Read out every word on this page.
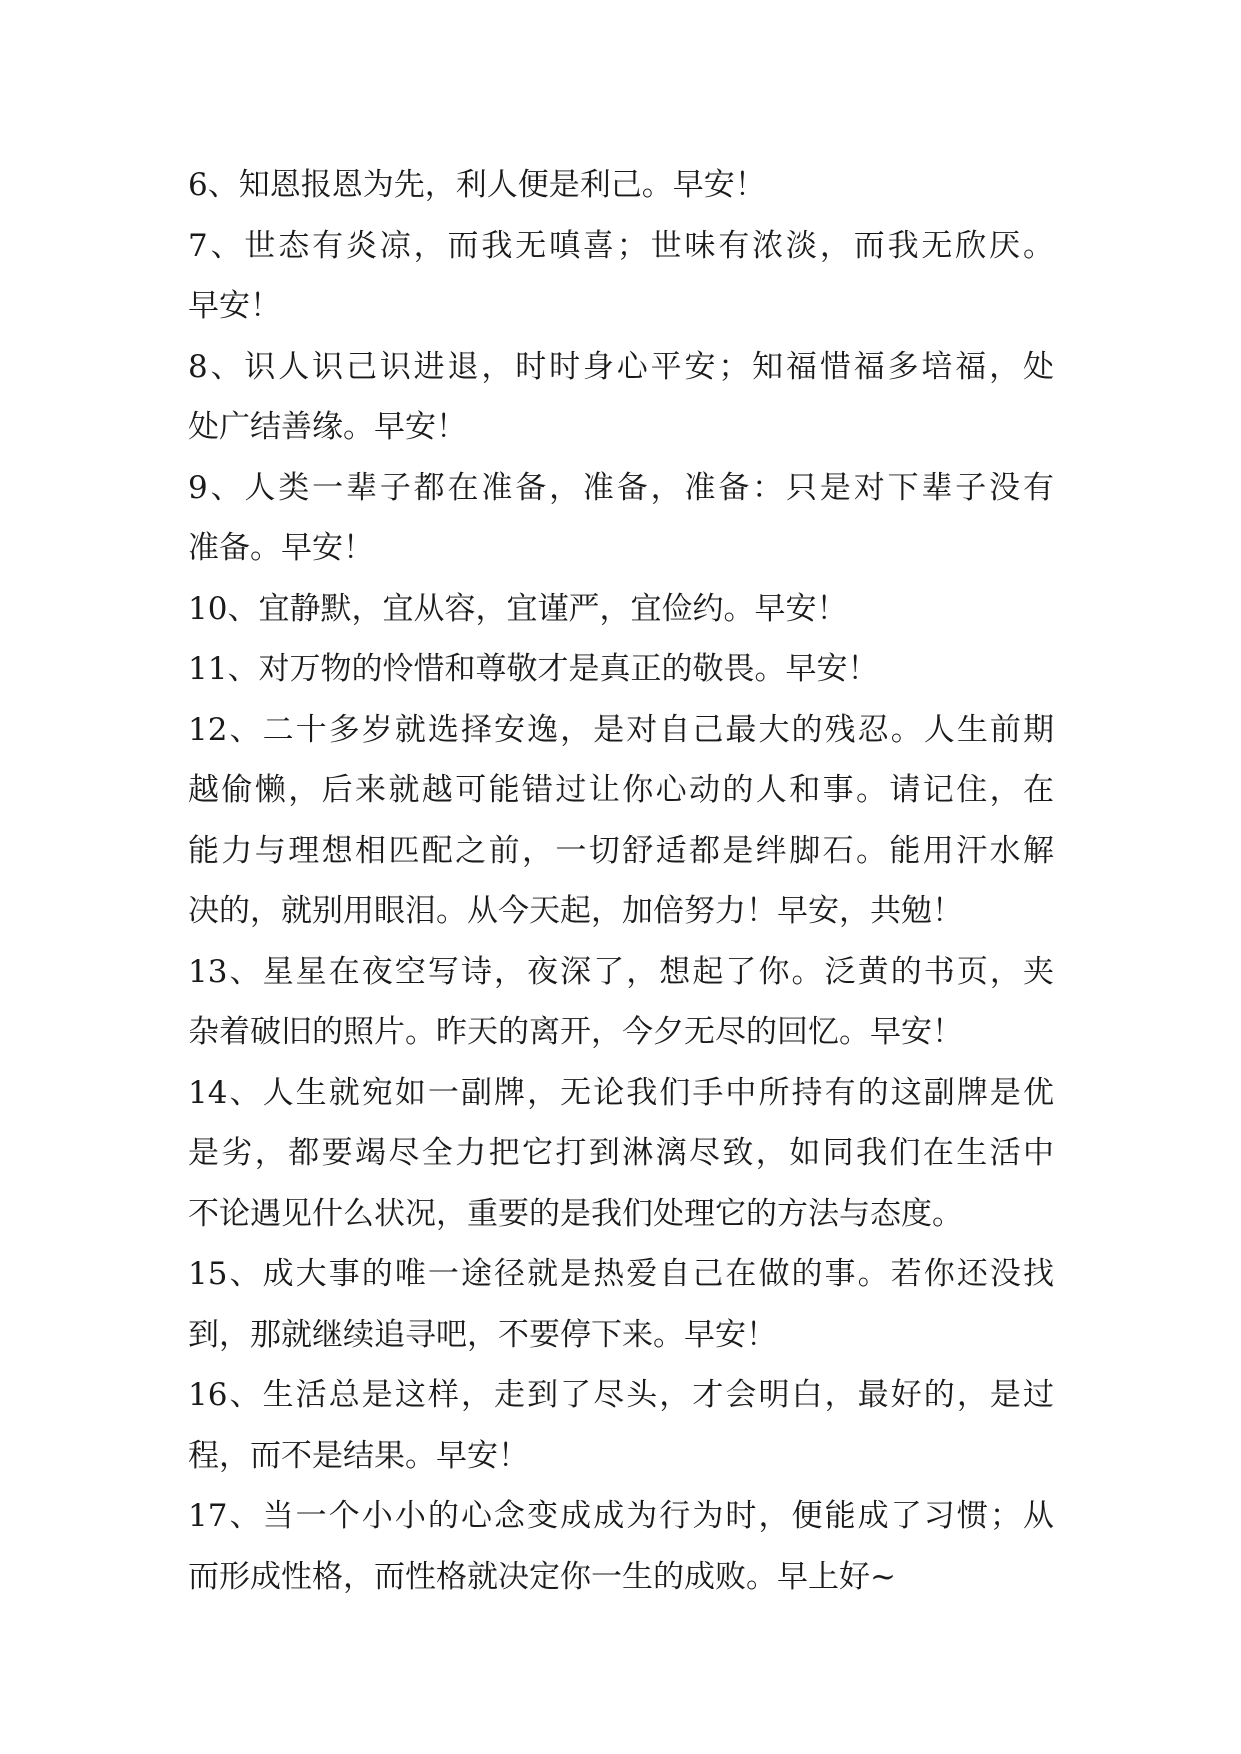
6、知恩报恩为先，利人便是利己。早安！
7、世态有炎凉，而我无嗔喜；世味有浓淡，而我无欣厌。
早安！
8、识人识己识进退，时时身心平安；知福惜福多培福，处
处广结善缘。早安！
9、人类一辈子都在准备，准备，准备：只是对下辈子没有
准备。早安！
10、宜静默，宜从容，宜谨严，宜俭约。早安！
11、对万物的怜惜和尊敬才是真正的敬畏。早安！
12、二十多岁就选择安逸，是对自己最大的残忍。人生前期
越偷懒，后来就越可能错过让你心动的人和事。请记住，在
能力与理想相匹配之前，一切舒适都是绊脚石。能用汗水解
决的，就别用眼泪。从今天起，加倍努力！早安，共勉！
13、星星在夜空写诗，夜深了，想起了你。泛黄的书页，夹
杂着破旧的照片。昨天的离开，今夕无尽的回忆。早安！
14、人生就宛如一副牌，无论我们手中所持有的这副牌是优
是劣，都要竭尽全力把它打到淋漓尽致，如同我们在生活中
不论遇见什么状况，重要的是我们处理它的方法与态度。
15、成大事的唯一途径就是热爱自己在做的事。若你还没找
到，那就继续追寻吧，不要停下来。早安！
16、生活总是这样，走到了尽头，才会明白，最好的，是过
程，而不是结果。早安！
17、当一个小小的心念变成成为行为时，便能成了习惯；从
而形成性格，而性格就决定你一生的成败。早上好~
